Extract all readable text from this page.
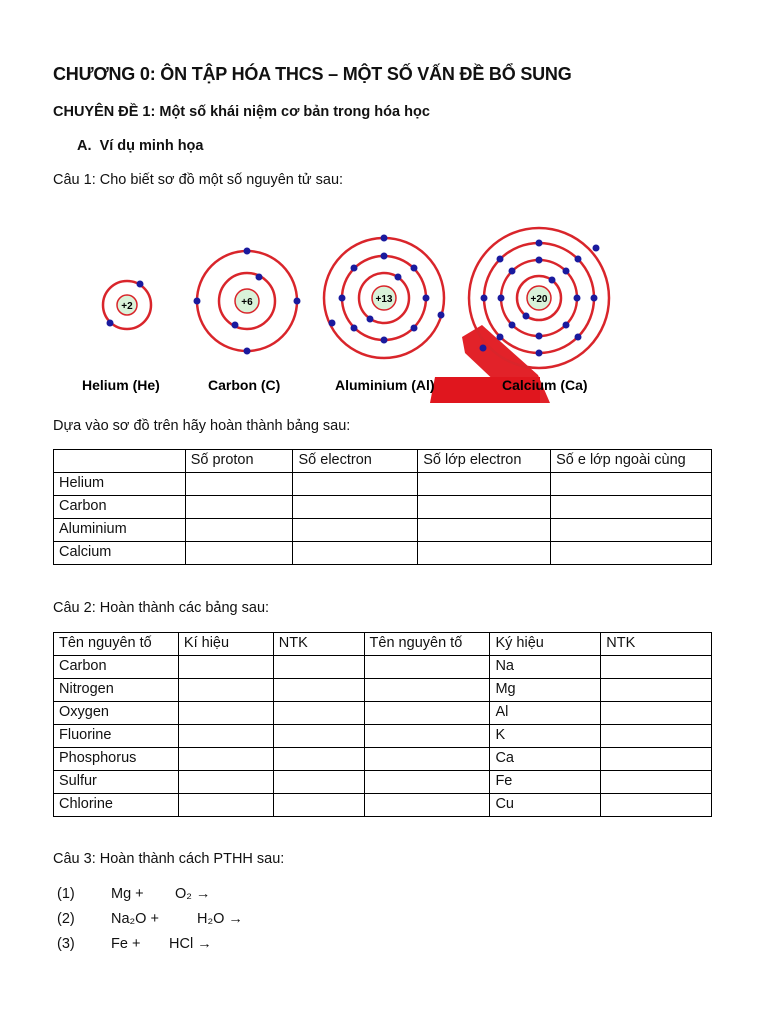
CHƯƠNG 0: ÔN TẬP HÓA THCS – MỘT SỐ VẤN ĐỀ BỔ SUNG
CHUYÊN ĐỀ 1: Một số khái niệm cơ bản trong hóa học
A. Ví dụ minh họa
Câu 1: Cho biết sơ đồ một số nguyên tử sau:
+2
Helium (He)
+6
Carbon (C)
+13
Aluminium (Al)
+20
Calcium (Ca)
Dựa vào sơ đồ trên hãy hoàn thành bảng sau:
	Số proton	Số electron	Số lớp electron	Số e lớp ngoài cùng
Helium				
Carbon				
Aluminium				
Calcium				
Câu 2: Hoàn thành các bảng sau:
Tên nguyên tố	Kí hiệu	NTK	Tên nguyên tố	Ký hiệu	NTK
Carbon				Na	
Nitrogen				Mg	
Oxygen				Al	
Fluorine				K	
Phosphorus				Ca	
Sulfur				Fe	
Chlorine				Cu	
Câu 3: Hoàn thành cách PTHH sau:
(1)	Mg + O₂ →
(2)	Na₂O +	H₂O →
(3)	Fe + HCl →
